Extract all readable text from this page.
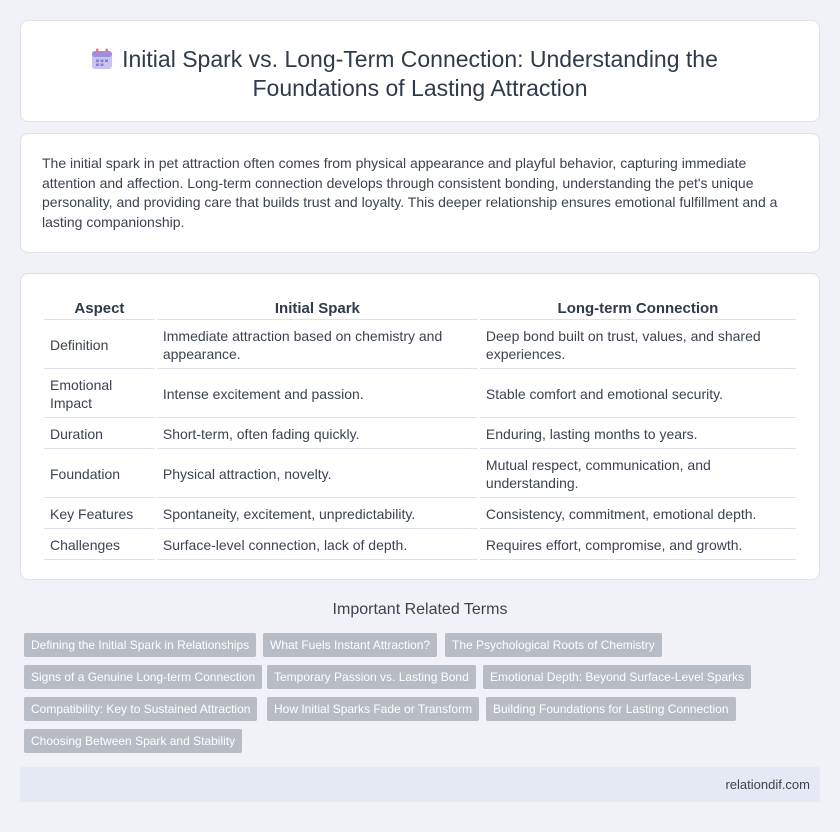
Initial Spark vs. Long-Term Connection: Understanding the Foundations of Lasting Attraction

The initial spark in pet attraction often comes from physical appearance and playful behavior, capturing immediate attention and affection. Long-term connection develops through consistent bonding, understanding the pet's unique personality, and providing care that builds trust and loyalty. This deeper relationship ensures emotional fulfillment and a lasting companionship.

Aspect	Initial Spark	Long-term Connection
Definition	Immediate attraction based on chemistry and appearance.	Deep bond built on trust, values, and shared experiences.
Emotional Impact	Intense excitement and passion.	Stable comfort and emotional security.
Duration	Short-term, often fading quickly.	Enduring, lasting months to years.
Foundation	Physical attraction, novelty.	Mutual respect, communication, and understanding.
Key Features	Spontaneity, excitement, unpredictability.	Consistency, commitment, emotional depth.
Challenges	Surface-level connection, lack of depth.	Requires effort, compromise, and growth.
Important Related Terms
Defining the Initial Spark in Relationships	What Fuels Instant Attraction?	The Psychological Roots of Chemistry
Signs of a Genuine Long-term Connection	Temporary Passion vs. Lasting Bond	Emotional Depth: Beyond Surface-Level Sparks
Compatibility: Key to Sustained Attraction	How Initial Sparks Fade or Transform	Building Foundations for Lasting Connection
Choosing Between Spark and Stability
relationdif.com
